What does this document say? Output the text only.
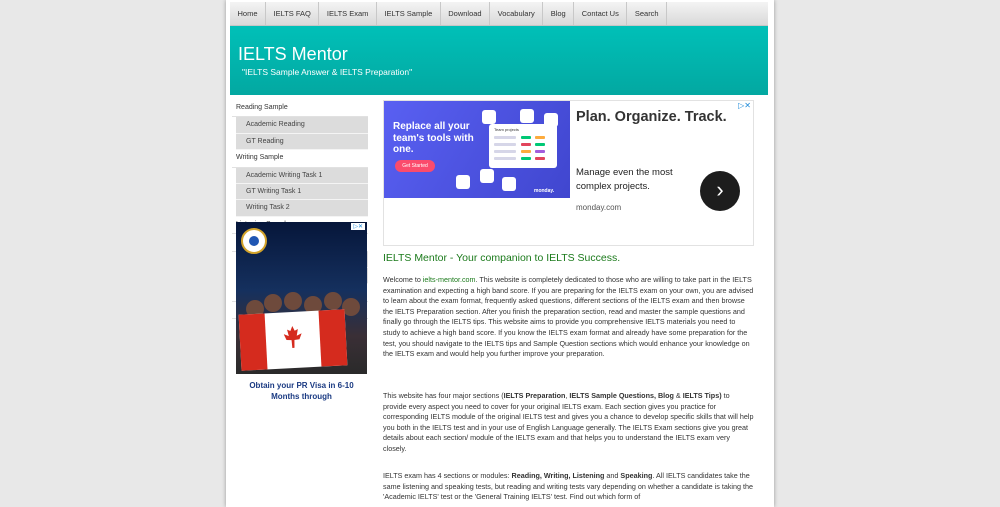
Home	IELTS FAQ	IELTS Exam	IELTS Sample	Download	Vocabulary	Blog	Contact Us	Search
IELTS Mentor
"IELTS Sample Answer & IELTS Preparation"
Reading Sample
Academic Reading
GT Reading
Writing Sample
Academic Writing Task 1
GT Writing Task 1
Writing Task 2
▷✕
Obtain your PR Visa in 6-10 Months through
Replace all your team's tools with one.
Get Started
Team projects
monday.
Plan. Organize. Track.
Manage even the most complex projects.
monday.com
›
▷✕
IELTS Mentor - Your companion to IELTS Success.
Welcome to ielts-mentor.com. This website is completely dedicated to those who are willing to take part in the IELTS examination and expecting a high band score. If you are preparing for the IELTS exam on your own, you are advised to learn about the exam format, frequently asked questions, different sections of the IELTS exam and then browse the IELTS Preparation section. After you finish the preparation section, read and master the sample questions and finally go through the IELTS tips. This website aims to provide you comprehensive IELTS materials you need to study to achieve a high band score. If you know the IELTS exam format and already have some preparation for the test, you should navigate to the IELTS tips and Sample Question sections which would enhance your knowledge on the IELTS exam and would help you further improve your preparation.
This website has four major sections (IELTS Preparation, IELTS Sample Questions, Blog & IELTS Tips) to provide every aspect you need to cover for your original IELTS exam. Each section gives you practice for corresponding IELTS module of the original IELTS test and gives you a chance to develop specific skills that will help you both in the IELTS test and in your use of English Language generally. The IELTS Exam sections give you great details about each section/ module of the IELTS exam and that helps you to understand the IELTS exam very closely.
IELTS exam has 4 sections or modules: Reading, Writing, Listening and Speaking. All IELTS candidates take the same listening and speaking tests, but reading and writing tests vary depending on whether a candidate is taking the 'Academic IELTS' test or the 'General Training IELTS' test. Find out which form of
